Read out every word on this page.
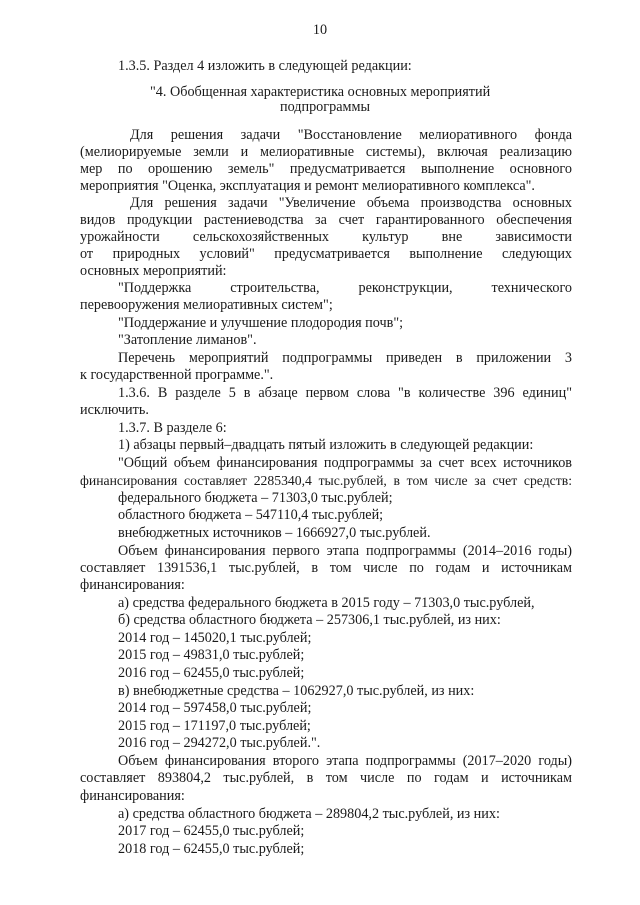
10
1.3.5. Раздел 4 изложить в следующей редакции:
"4. Обобщенная характеристика основных мероприятий
подпрограммы
Для решения задачи "Восстановление мелиоративного фонда
(мелиорируемые земли и мелиоративные системы), включая реализацию
мер по орошению земель" предусматривается выполнение основного
мероприятия "Оценка, эксплуатация и ремонт мелиоративного комплекса".
Для решения задачи "Увеличение объема производства основных
видов продукции растениеводства за счет гарантированного обеспечения
урожайности сельскохозяйственных культур вне зависимости
от природных условий" предусматривается выполнение следующих
основных мероприятий:
"Поддержка строительства, реконструкции, технического
перевооружения мелиоративных систем";
"Поддержание и улучшение плодородия почв";
"Затопление лиманов".
Перечень мероприятий подпрограммы приведен в приложении 3
к государственной программе.".
1.3.6. В разделе 5 в абзаце первом слова "в количестве 396 единиц"
исключить.
1.3.7. В разделе 6:
1) абзацы первый–двадцать пятый изложить в следующей редакции:
"Общий объем финансирования подпрограммы за счет всех источников
финансирования составляет 2285340,4 тыс.рублей, в том числе за счет средств:
федерального бюджета – 71303,0 тыс.рублей;
областного бюджета – 547110,4 тыс.рублей;
внебюджетных источников – 1666927,0 тыс.рублей.
Объем финансирования первого этапа подпрограммы (2014–2016 годы)
составляет 1391536,1 тыс.рублей, в том числе по годам и источникам
финансирования:
а) средства федерального бюджета в 2015 году – 71303,0 тыс.рублей,
б) средства областного бюджета – 257306,1 тыс.рублей, из них:
2014 год – 145020,1 тыс.рублей;
2015 год – 49831,0 тыс.рублей;
2016 год – 62455,0 тыс.рублей;
в) внебюджетные средства – 1062927,0 тыс.рублей, из них:
2014 год – 597458,0 тыс.рублей;
2015 год – 171197,0 тыс.рублей;
2016 год – 294272,0 тыс.рублей.".
Объем финансирования второго этапа подпрограммы (2017–2020 годы)
составляет 893804,2 тыс.рублей, в том числе по годам и источникам
финансирования:
а) средства областного бюджета – 289804,2 тыс.рублей, из них:
2017 год – 62455,0 тыс.рублей;
2018 год – 62455,0 тыс.рублей;
